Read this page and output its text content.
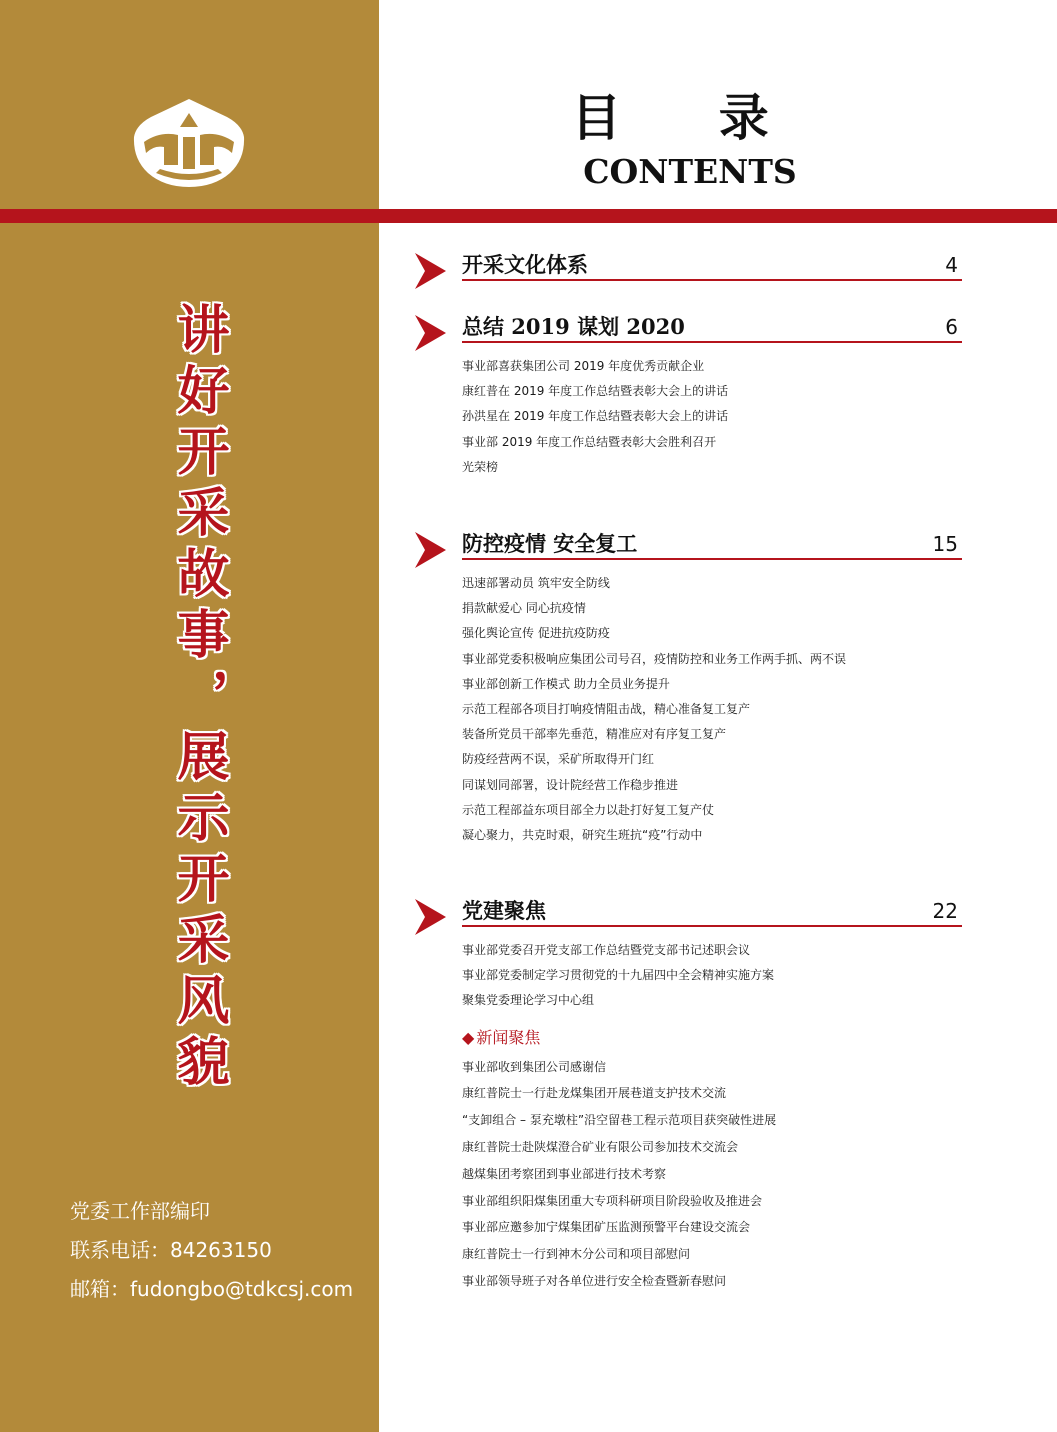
讲好开采故事，展示开采风貌
党委工作部编印
联系电话：84263150
邮箱：fudongbo@tdkcsj.com
目 录
CONTENTS
开采文化体系	4
总结 2019 谋划 2020	6
事业部喜获集团公司 2019 年度优秀贡献企业
康红普在 2019 年度工作总结暨表彰大会上的讲话
孙洪星在 2019 年度工作总结暨表彰大会上的讲话
事业部 2019 年度工作总结暨表彰大会胜利召开
光荣榜
防控疫情 安全复工	15
迅速部署动员 筑牢安全防线
捐款献爱心 同心抗疫情
强化舆论宣传 促进抗疫防疫
事业部党委积极响应集团公司号召，疫情防控和业务工作两手抓、两不误
事业部创新工作模式 助力全员业务提升
示范工程部各项目打响疫情阻击战，精心准备复工复产
装备所党员干部率先垂范，精准应对有序复工复产
防疫经营两不误，采矿所取得开门红
同谋划同部署，设计院经营工作稳步推进
示范工程部益东项目部全力以赴打好复工复产仗
凝心聚力，共克时艰，研究生班抗“疫”行动中
党建聚焦	22
事业部党委召开党支部工作总结暨党支部书记述职会议
事业部党委制定学习贯彻党的十九届四中全会精神实施方案
聚集党委理论学习中心组
◆ 新闻聚焦
事业部收到集团公司感谢信
康红普院士一行赴龙煤集团开展巷道支护技术交流
“支卸组合 – 泵充墩柱”沿空留巷工程示范项目获突破性进展
康红普院士赴陕煤澄合矿业有限公司参加技术交流会
越煤集团考察团到事业部进行技术考察
事业部组织阳煤集团重大专项科研项目阶段验收及推进会
事业部应邀参加宁煤集团矿压监测预警平台建设交流会
康红普院士一行到神木分公司和项目部慰问
事业部领导班子对各单位进行安全检查暨新春慰问
